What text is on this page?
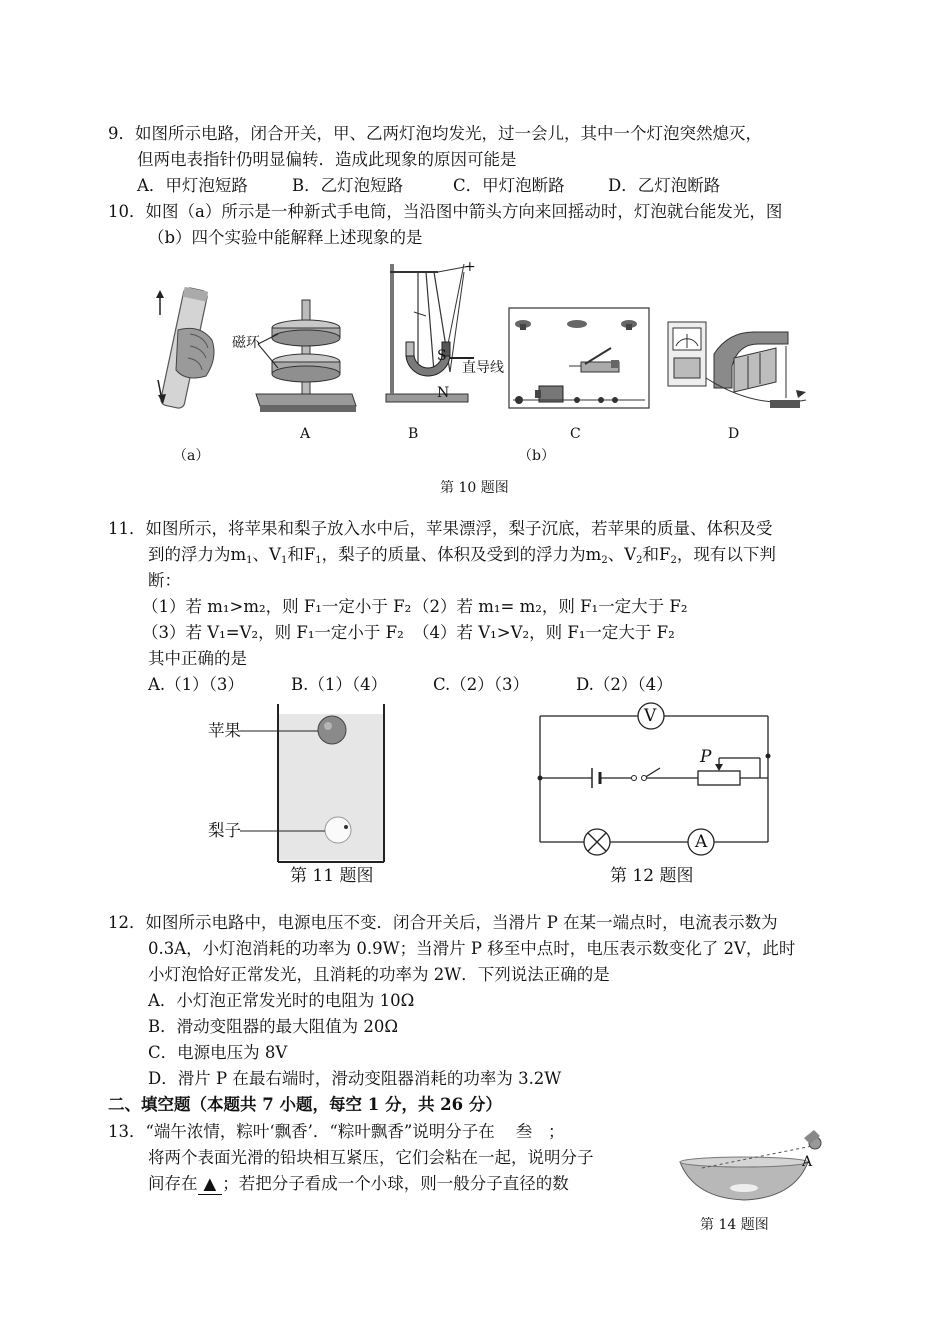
9．如图所示电路，闭合开关，甲、乙两灯泡均发光，过一会儿，其中一个灯泡突然熄灭，
但两电表指针仍明显偏转．造成此现象的原因可能是
A．甲灯泡短路	B．乙灯泡短路	C．甲灯泡断路	D．乙灯泡断路
10．如图（a）所示是一种新式手电筒，当沿图中箭头方向来回摇动时，灯泡就台能发光，图
（b）四个实验中能解释上述现象的是
（a）
磁环
A
+
S
N
直导线
B	C
（b）
D
第 10 题图
11．如图所示，将苹果和梨子放入水中后，苹果漂浮，梨子沉底，若苹果的质量、体积及受
到的浮力为$m_1$、$V_1$和$F_1$，梨子的质量、体积及受到的浮力为$m_2$、$V_2$和$F_2$，现有以下判
断：
（1）若 m₁>m₂，则 F₁一定小于 F₂ （2）若 m₁= m₂，则 F₁一定大于 F₂
（3）若 V₁=V₂，则 F₁一定小于 F₂ （4）若 V₁>V₂，则 F₁一定大于 F₂
其中正确的是
A.（1）（3）	B.（1）（4）	C.（2）（3）	D.（2）（4）
苹果
梨子
第 11 题图
V
A
P
第 12 题图
12．如图所示电路中，电源电压不变．闭合开关后，当滑片 P 在某一端点时，电流表示数为
0.3A，小灯泡消耗的功率为 0.9W；当滑片 P 移至中点时，电压表示数变化了 2V，此时
小灯泡恰好正常发光，且消耗的功率为 2W．下列说法正确的是
A．小灯泡正常发光时的电阻为 10Ω
B．滑动变阻器的最大阻值为 20Ω
C．电源电压为 8V
D．滑片 P 在最右端时，滑动变阻器消耗的功率为 3.2W
二、填空题（本题共 7 小题，每空 1 分，共 26 分）
13．“端午浓情，粽叶‘飘香’．“粽叶飘香”说明分子在 叁 ；
将两个表面光滑的铅块相互紧压，它们会粘在一起，说明分子
间存在 ▲ ；若把分子看成一个小球，则一般分子直径的数
A
第 14 题图
